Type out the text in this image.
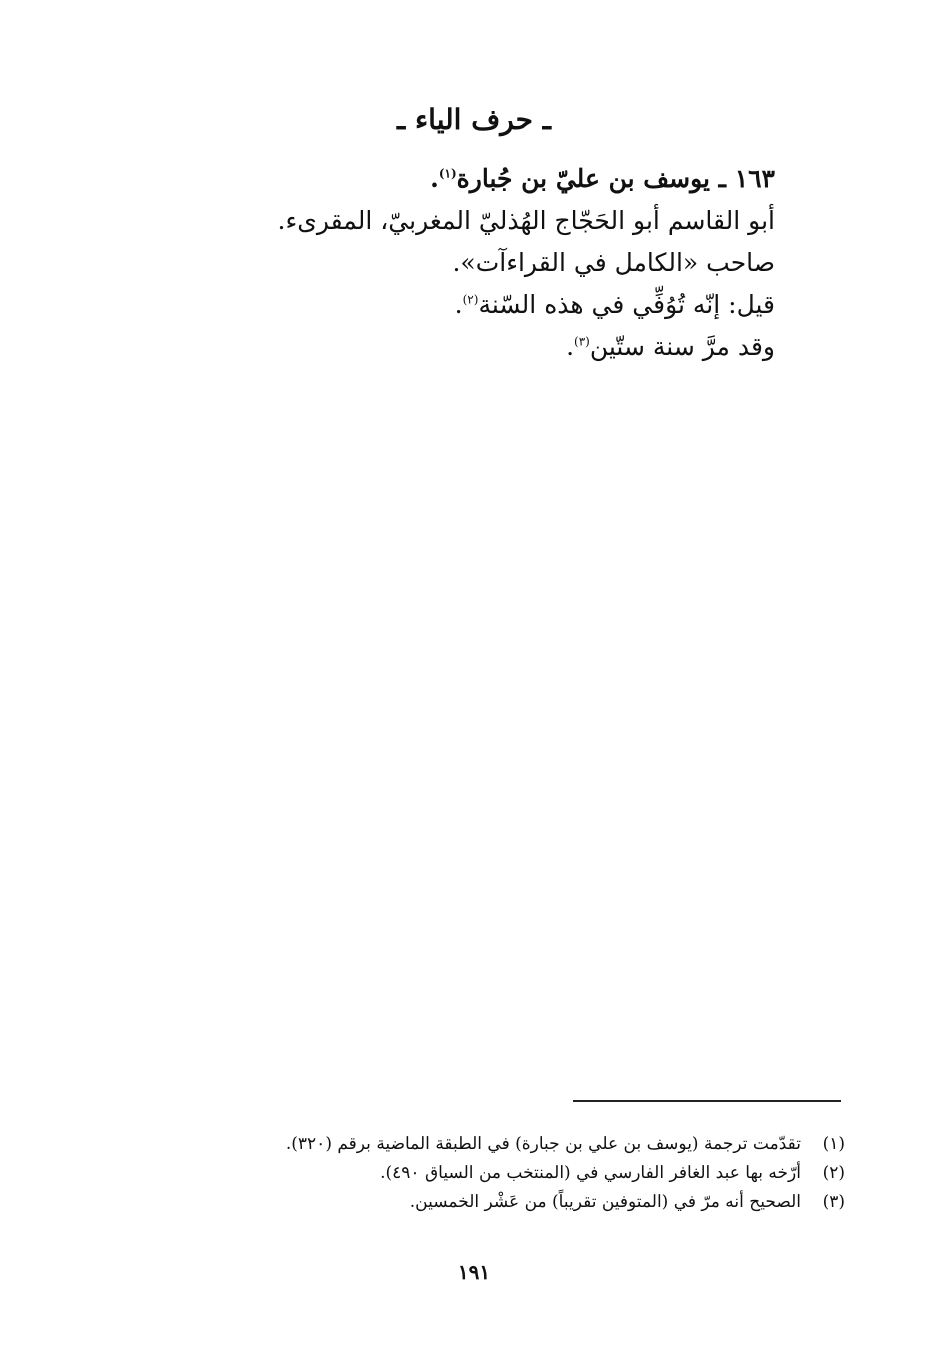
ـ حرف الياء ـ

١٦٣ ـ يوسف بن عليّ بن جُبارة$^{(١)}$.

أبو القاسم أبو الحَجّاج الهُذليّ المغربيّ، المقرىء.

صاحب «الكامل في القراءآت».

قيل: إنّه تُوُفِّي في هذه السّنة$^{(٢)}$.

وقد مرَّ سنة ستّين$^{(٣)}$.

(١)تقدّمت ترجمة (يوسف بن علي بن جبارة) في الطبقة الماضية برقم (٣٢٠).

(٢)أرّخه بها عبد الغافر الفارسي في (المنتخب من السياق ٤٩٠).

(٣)الصحيح أنه مرّ في (المتوفين تقريباً) من عَشْر الخمسين.

١٩١
